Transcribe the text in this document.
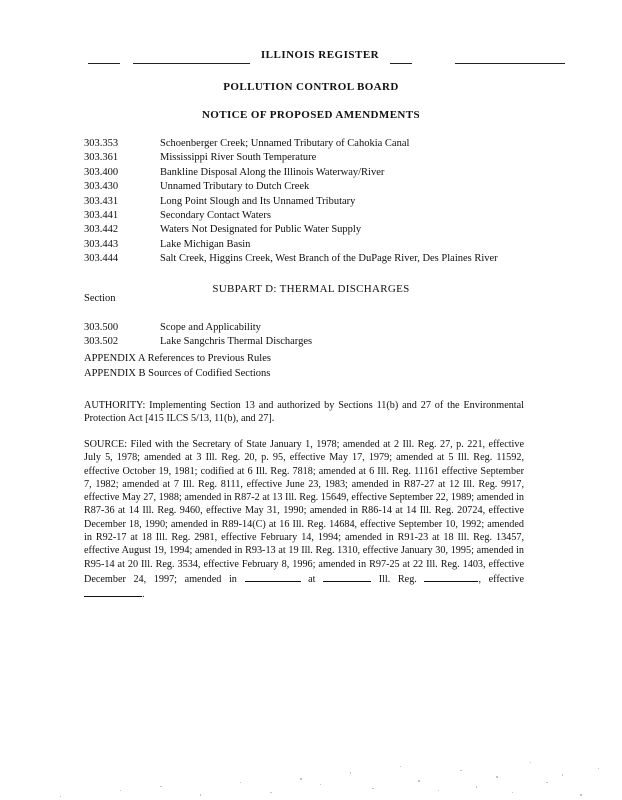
ILLINOIS REGISTER
POLLUTION CONTROL BOARD
NOTICE OF PROPOSED AMENDMENTS
303.353	Schoenberger Creek; Unnamed Tributary of Cahokia Canal
303.361	Mississippi River South Temperature
303.400	Bankline Disposal Along the Illinois Waterway/River
303.430	Unnamed Tributary to Dutch Creek
303.431	Long Point Slough and Its Unnamed Tributary
303.441	Secondary Contact Waters
303.442	Waters Not Designated for Public Water Supply
303.443	Lake Michigan Basin
303.444	Salt Creek, Higgins Creek, West Branch of the DuPage River, Des Plaines River
SUBPART D: THERMAL DISCHARGES
Section
303.500	Scope and Applicability
303.502	Lake Sangchris Thermal Discharges
APPENDIX A References to Previous Rules
APPENDIX B Sources of Codified Sections
AUTHORITY: Implementing Section 13 and authorized by Sections 11(b) and 27 of the Environmental Protection Act [415 ILCS 5/13, 11(b), and 27].
SOURCE: Filed with the Secretary of State January 1, 1978; amended at 2 Ill. Reg. 27, p. 221, effective July 5, 1978; amended at 3 Ill. Reg. 20, p. 95, effective May 17, 1979; amended at 5 Ill. Reg. 11592, effective October 19, 1981; codified at 6 Ill. Reg. 7818; amended at 6 Ill. Reg. 11161 effective September 7, 1982; amended at 7 Ill. Reg. 8111, effective June 23, 1983; amended in R87-27 at 12 Ill. Reg. 9917, effective May 27, 1988; amended in R87-2 at 13 Ill. Reg. 15649, effective September 22, 1989; amended in R87-36 at 14 Ill. Reg. 9460, effective May 31, 1990; amended in R86-14 at 14 Ill. Reg. 20724, effective December 18, 1990; amended in R89-14(C) at 16 Ill. Reg. 14684, effective September 10, 1992; amended in R92-17 at 18 Ill. Reg. 2981, effective February 14, 1994; amended in R91-23 at 18 Ill. Reg. 13457, effective August 19, 1994; amended in R93-13 at 19 Ill. Reg. 1310, effective January 30, 1995; amended in R95-14 at 20 Ill. Reg. 3534, effective February 8, 1996; amended in R97-25 at 22 Ill. Reg. 1403, effective December 24, 1997; amended in	at	Ill. Reg.	, effective .
